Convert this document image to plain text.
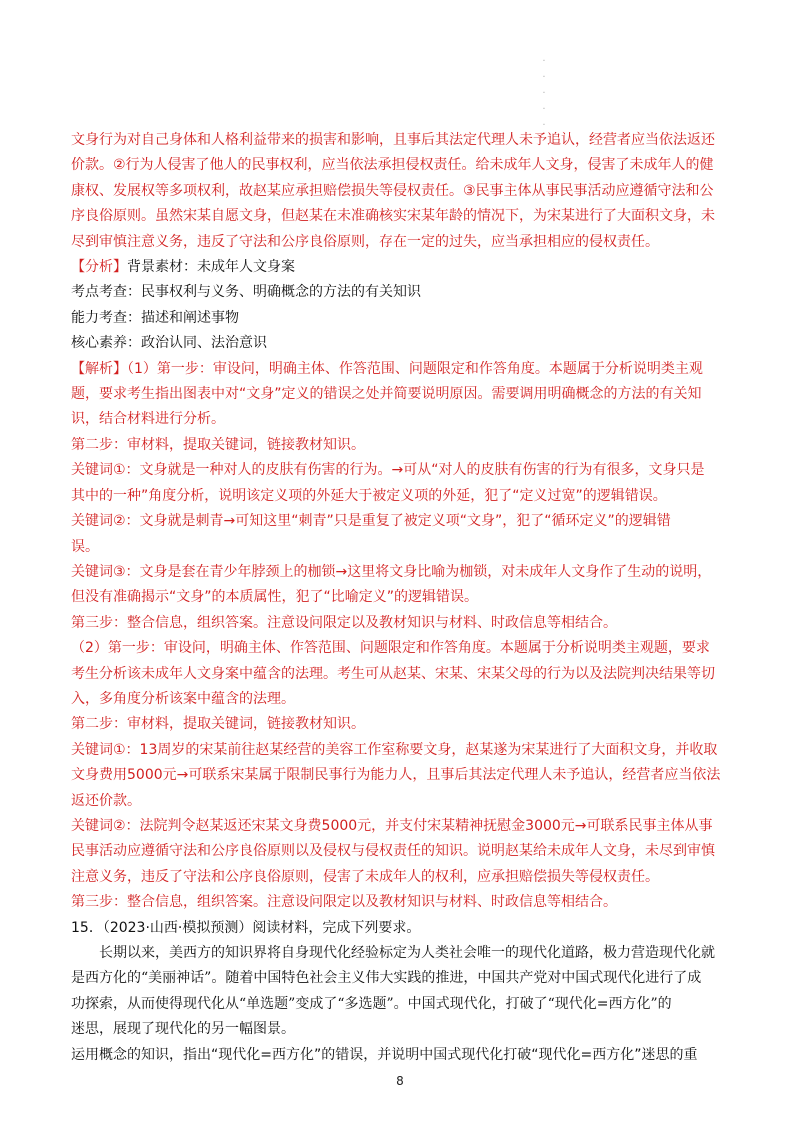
·
·
·
·
·
文身行为对自己身体和人格利益带来的损害和影响，且事后其法定代理人未予追认，经营者应当依法返还
价款。②行为人侵害了他人的民事权利，应当依法承担侵权责任。给未成年人文身，侵害了未成年人的健
康权、发展权等多项权利，故赵某应承担赔偿损失等侵权责任。③民事主体从事民事活动应遵循守法和公
序良俗原则。虽然宋某自愿文身，但赵某在未准确核实宋某年龄的情况下，为宋某进行了大面积文身，未
尽到审慎注意义务，违反了守法和公序良俗原则，存在一定的过失，应当承担相应的侵权责任。
【分析】背景素材：未成年人文身案
考点考查：民事权利与义务、明确概念的方法的有关知识
能力考查：描述和阐述事物
核心素养：政治认同、法治意识
【解析】（1）第一步：审设问，明确主体、作答范围、问题限定和作答角度。本题属于分析说明类主观
题，要求考生指出图表中对“文身”定义的错误之处并简要说明原因。需要调用明确概念的方法的有关知
识，结合材料进行分析。
第二步：审材料，提取关键词，链接教材知识。
关键词①：文身就是一种对人的皮肤有伤害的行为。→可从“对人的皮肤有伤害的行为有很多，文身只是
其中的一种”角度分析，说明该定义项的外延大于被定义项的外延，犯了“定义过宽”的逻辑错误。
关键词②：文身就是刺青→可知这里“刺青”只是重复了被定义项“文身”，犯了“循环定义”的逻辑错
误。
关键词③：文身是套在青少年脖颈上的枷锁→这里将文身比喻为枷锁，对未成年人文身作了生动的说明，
但没有准确揭示“文身”的本质属性，犯了“比喻定义”的逻辑错误。
第三步：整合信息，组织答案。注意设问限定以及教材知识与材料、时政信息等相结合。
（2）第一步：审设问，明确主体、作答范围、问题限定和作答角度。本题属于分析说明类主观题，要求
考生分析该未成年人文身案中蕴含的法理。考生可从赵某、宋某、宋某父母的行为以及法院判决结果等切
入，多角度分析该案中蕴含的法理。
第二步：审材料，提取关键词，链接教材知识。
关键词①：13周岁的宋某前往赵某经营的美容工作室称要文身，赵某遂为宋某进行了大面积文身，并收取
文身费用5000元→可联系宋某属于限制民事行为能力人，且事后其法定代理人未予追认，经营者应当依法
返还价款。
关键词②：法院判令赵某返还宋某文身费5000元，并支付宋某精神抚慰金3000元→可联系民事主体从事
民事活动应遵循守法和公序良俗原则以及侵权与侵权责任的知识。说明赵某给未成年人文身，未尽到审慎
注意义务，违反了守法和公序良俗原则，侵害了未成年人的权利，应承担赔偿损失等侵权责任。
第三步：整合信息，组织答案。注意设问限定以及教材知识与材料、时政信息等相结合。
15．（2023·山西·模拟预测）阅读材料，完成下列要求。
长期以来，美西方的知识界将自身现代化经验标定为人类社会唯一的现代化道路，极力营造现代化就
是西方化的“美丽神话”。随着中国特色社会主义伟大实践的推进，中国共产党对中国式现代化进行了成
功探索，从而使得现代化从“单选题”变成了“多选题”。中国式现代化，打破了“现代化=西方化”的
迷思，展现了现代化的另一幅图景。
运用概念的知识，指出“现代化=西方化”的错误，并说明中国式现代化打破“现代化=西方化”迷思的重
8
